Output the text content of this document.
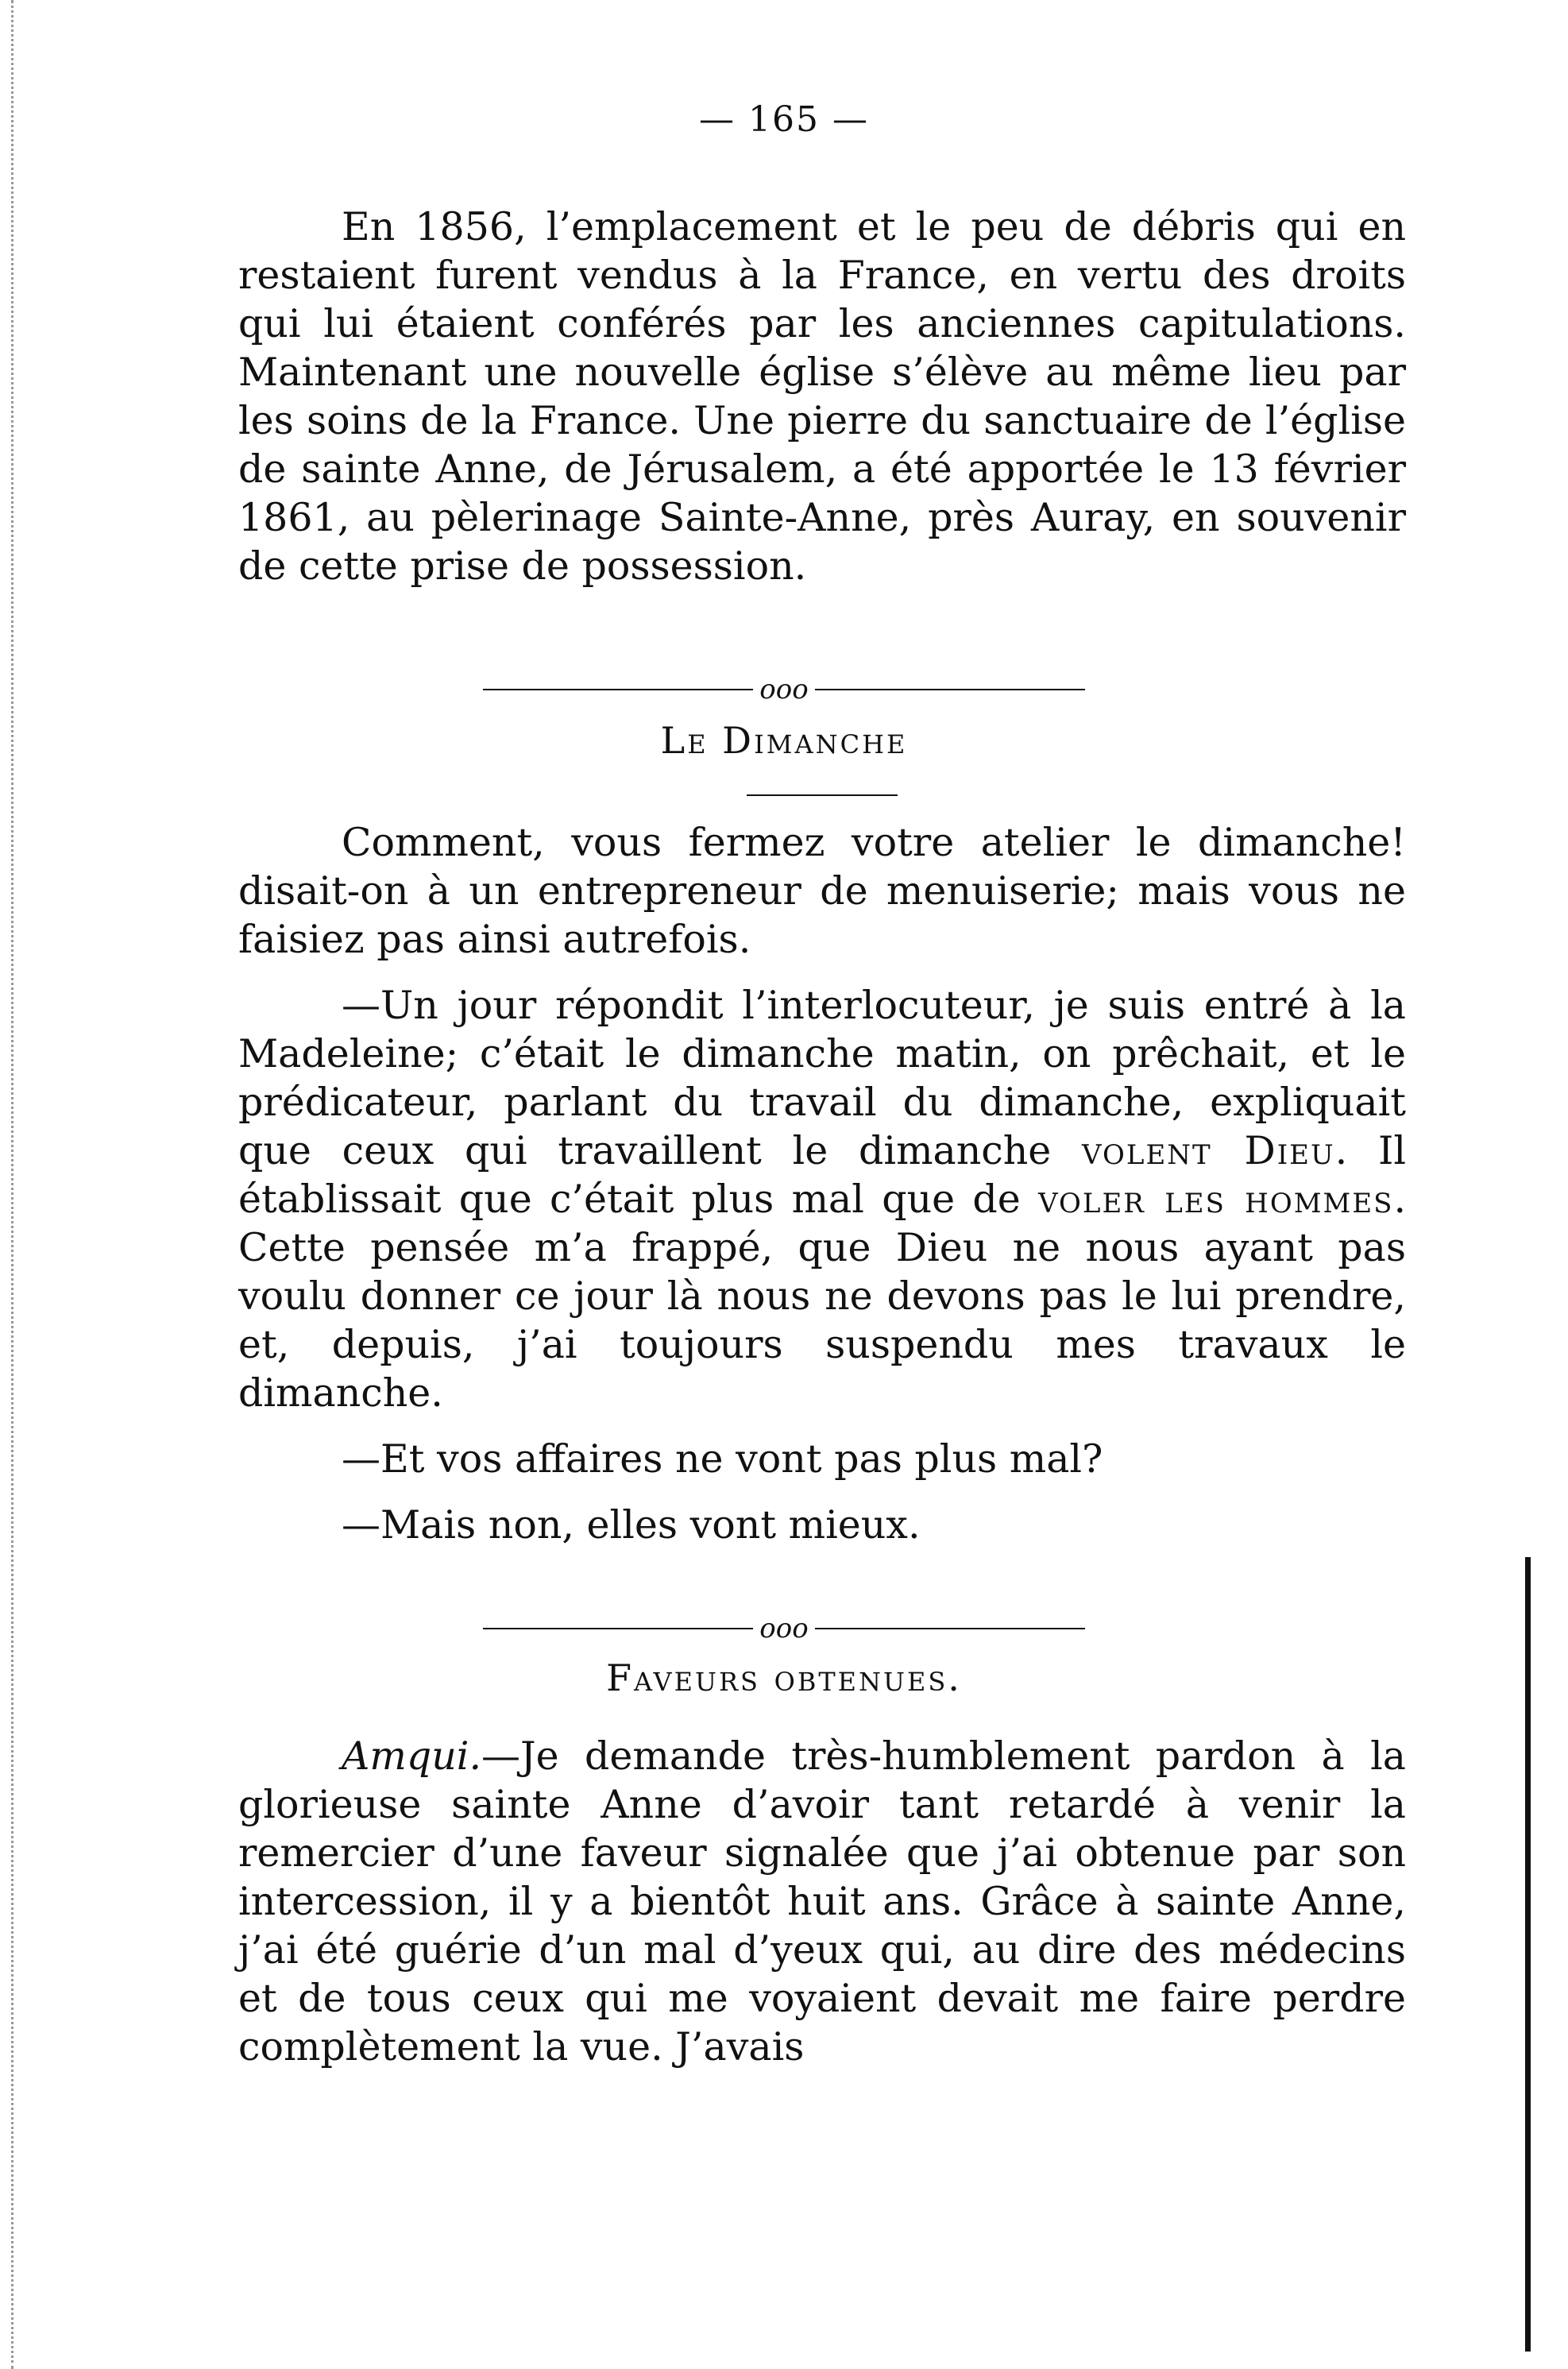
— 165 —

En 1856, l’emplacement et le peu de débris qui en restaient furent vendus à la France, en vertu des droits qui lui étaient conférés par les anciennes capitulations. Maintenant une nouvelle église s’élève au même lieu par les soins de la France. Une pierre du sanctuaire de l’église de sainte Anne, de Jérusalem, a été apportée le 13 février 1861, au pèlerinage Sainte-Anne, près Auray, en souvenir de cette prise de possession.

ooo
Le Dimanche

Comment, vous fermez votre atelier le dimanche! disait-on à un entrepreneur de menuiserie; mais vous ne faisiez pas ainsi autrefois.

—Un jour répondit l’interlocuteur, je suis entré à la Madeleine; c’était le dimanche matin, on prêchait, et le prédicateur, parlant du travail du dimanche, expliquait que ceux qui travaillent le dimanche volent Dieu. Il établissait que c’était plus mal que de voler les hommes. Cette pensée m’a frappé, que Dieu ne nous ayant pas voulu donner ce jour là nous ne devons pas le lui prendre, et, depuis, j’ai toujours suspendu mes travaux le dimanche.

—Et vos affaires ne vont pas plus mal?

—Mais non, elles vont mieux.

ooo
Faveurs obtenues.

Amqui.—Je demande très-humblement pardon à la glorieuse sainte Anne d’avoir tant retardé à venir la remercier d’une faveur signalée que j’ai obtenue par son intercession, il y a bientôt huit ans. Grâce à sainte Anne, j’ai été guérie d’un mal d’yeux qui, au dire des médecins et de tous ceux qui me voyaient devait me faire perdre complètement la vue. J’avais
